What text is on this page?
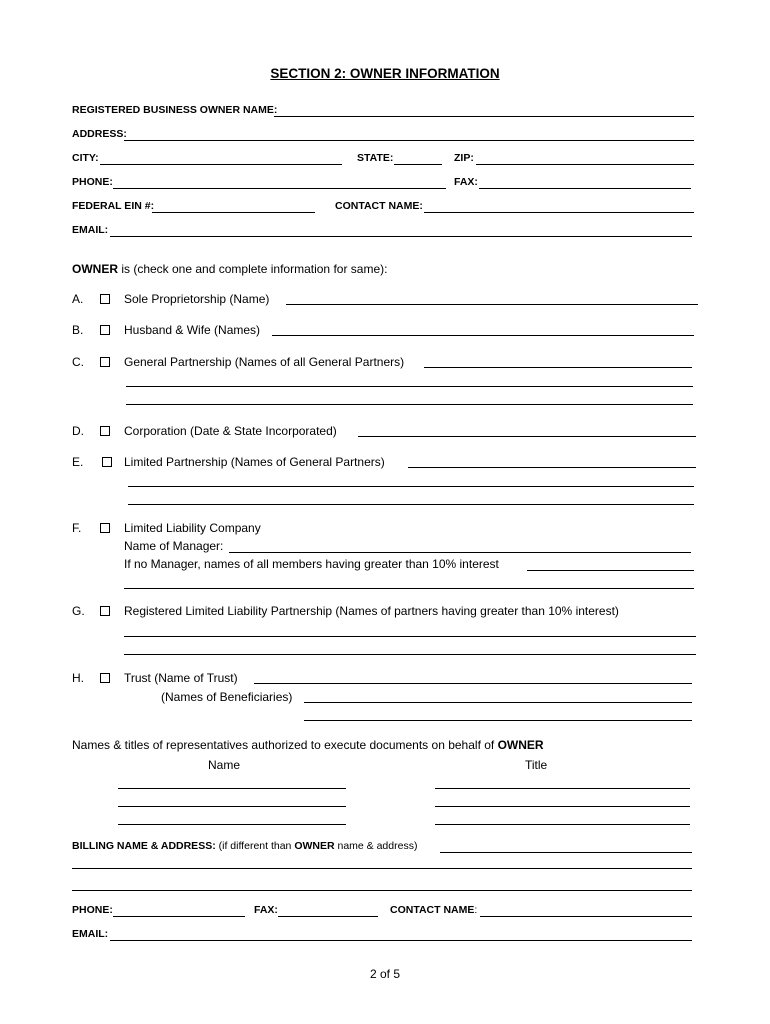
SECTION 2: OWNER INFORMATION
REGISTERED BUSINESS OWNER NAME:
ADDRESS:
CITY:	STATE:	ZIP:
PHONE:	FAX:
FEDERAL EIN #:	CONTACT NAME:
EMAIL:
OWNER is (check one and complete information for same):
A.	Sole Proprietorship (Name)
B.	Husband & Wife (Names)
C.	General Partnership (Names of all General Partners)
D.	Corporation (Date & State Incorporated)
E.	Limited Partnership (Names of General Partners)
F.	Limited Liability Company
Name of Manager:
If no Manager, names of all members having greater than 10% interest
G.	Registered Limited Liability Partnership (Names of partners having greater than 10% interest)
H.	Trust (Name of Trust)
(Names of Beneficiaries)
Names & titles of representatives authorized to execute documents on behalf of OWNER
Name	Title
BILLING NAME & ADDRESS: (if different than OWNER name & address)
PHONE:	FAX:	CONTACT NAME:
EMAIL:
2 of 5
